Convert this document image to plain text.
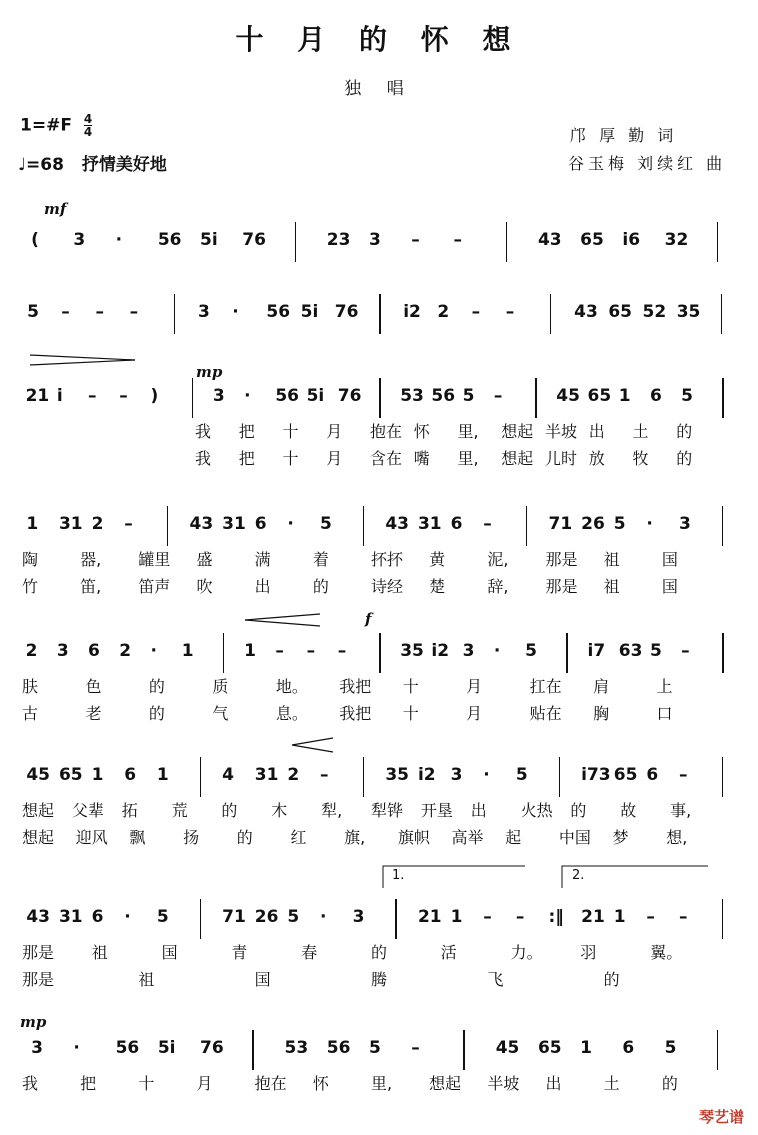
十 月 的 怀 想
独 唱
1=#F $\frac{4}{4}$
♩=68 抒情美好地
邝 厚 勤 词
谷玉梅 刘续红 曲
( 3 · 56 5i 76	23 3 – –	43 65 i6 32
mf
5 – – –	3 · 56 5i 76	i2 2 – –	43 65 52 35
21 i – – )	3 · 56 5i 76 53 56 5 –	45 65 1 6 5
mp
我 把 十 月 抱在 怀 里, 想起 半坡 出 土 的
我 把 十 月 含在 嘴 里, 想起 儿时 放 牧 的
1 31 2 –	43 31 6 · 5	43 31 6 –	71 26 5 · 3
陶	器, 罐里 盛	满	着	抔抔 黄	泥, 那是 祖	国
竹	笛, 笛声 吹	出	的	诗经 楚	辞, 那是 祖	国
2 3 6 2 · 1	1 – – –	35 i2 3 · 5	i7 63 5 –
f
肤	色	的	质	地。 我把 十	月	扛在 肩	上
古	老	的	气	息。 我把 十	月	贴在 胸	口
45 65 1 6 1	4 31 2 –	35 i2 3 · 5	i73 65 6 –
想起 父辈 拓 荒 的 木 犁, 犁铧 开垦 出 火热 的 故 事,
想起 迎风 飘 扬 的 红 旗, 旗帜 高举 起 中国 梦 想,
43 31 6 · 5	71 26 5 · 3	21 1 – – :‖ 21 1 – –
那是 祖	国	青	春	的	活	力。 羽	翼。
那是	祖	国	腾	飞	的
3 · 56 5i 76	53 56 5 –	45 65 1 6 5
mp
我	把	十	月	抱在 怀	里, 想起 半坡 出	土	的
1.	2.
琴艺谱
